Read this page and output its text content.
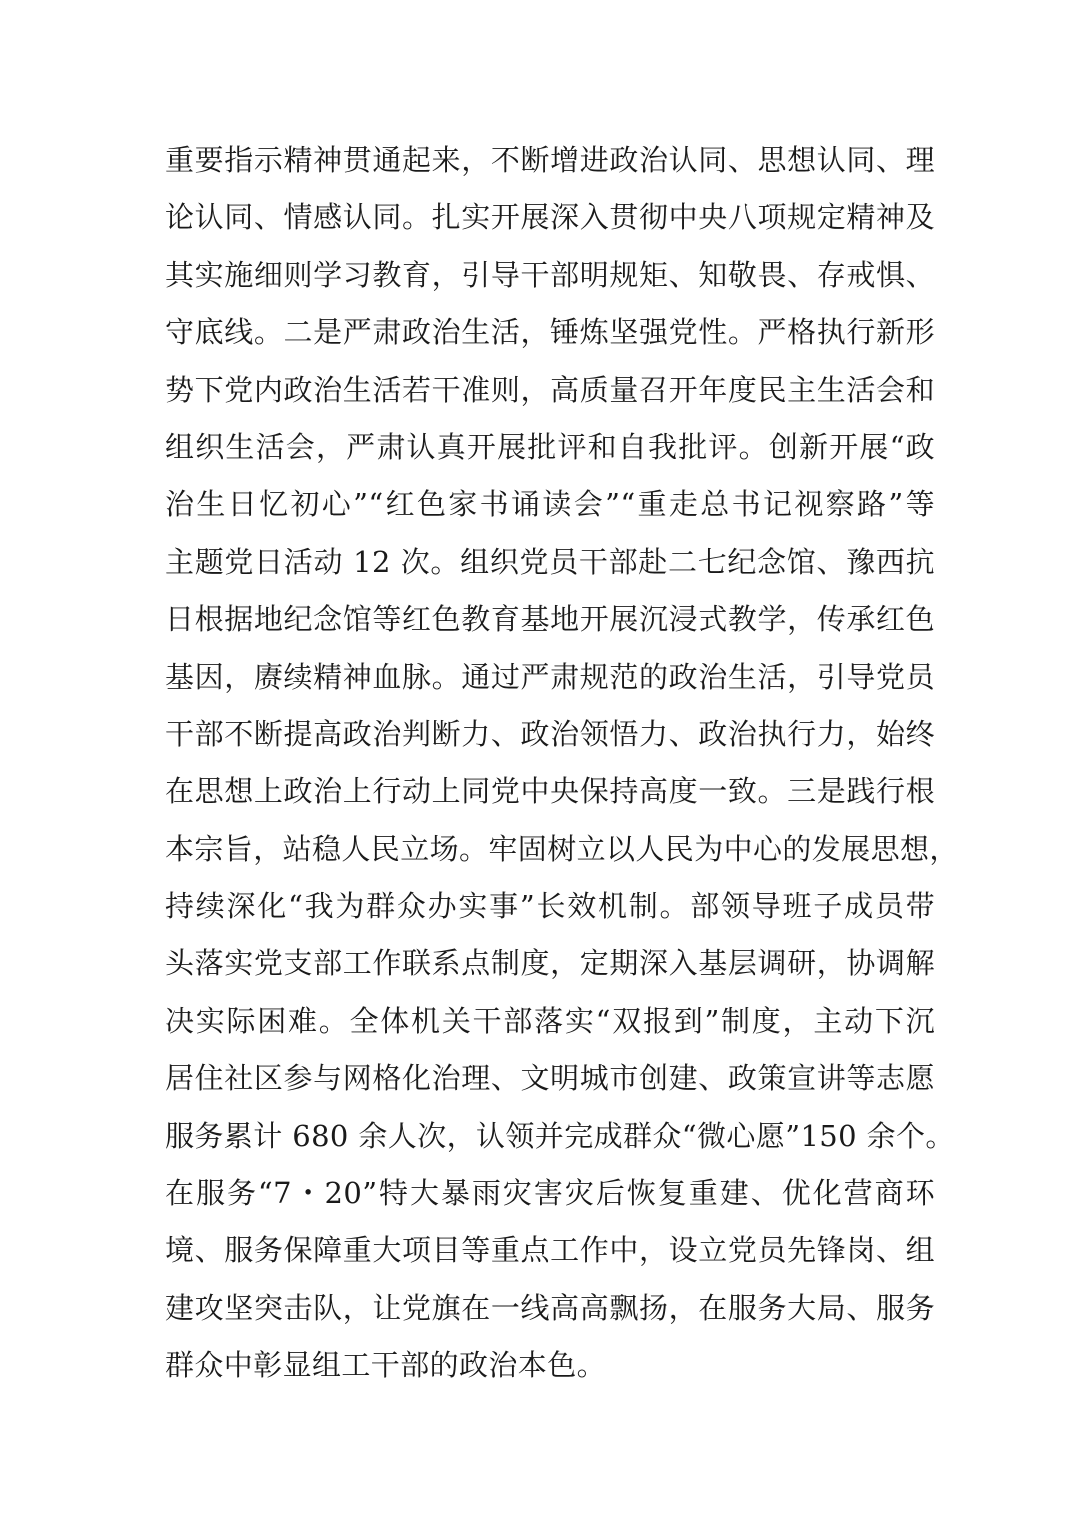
重要指示精神贯通起来，不断增进政治认同、思想认同、理
论认同、情感认同。扎实开展深入贯彻中央八项规定精神及
其实施细则学习教育，引导干部明规矩、知敬畏、存戒惧、
守底线。二是严肃政治生活，锤炼坚强党性。严格执行新形
势下党内政治生活若干准则，高质量召开年度民主生活会和
组织生活会，严肃认真开展批评和自我批评。创新开展“政
治生日忆初心”“红色家书诵读会”“重走总书记视察路”等
主题党日活动 12 次。组织党员干部赴二七纪念馆、豫西抗
日根据地纪念馆等红色教育基地开展沉浸式教学，传承红色
基因，赓续精神血脉。通过严肃规范的政治生活，引导党员
干部不断提高政治判断力、政治领悟力、政治执行力，始终
在思想上政治上行动上同党中央保持高度一致。三是践行根
本宗旨，站稳人民立场。牢固树立以人民为中心的发展思想，
持续深化“我为群众办实事”长效机制。部领导班子成员带
头落实党支部工作联系点制度，定期深入基层调研，协调解
决实际困难。全体机关干部落实“双报到”制度，主动下沉
居住社区参与网格化治理、文明城市创建、政策宣讲等志愿
服务累计 680 余人次，认领并完成群众“微心愿”150 余个。
在服务“7・20”特大暴雨灾害灾后恢复重建、优化营商环
境、服务保障重大项目等重点工作中，设立党员先锋岗、组
建攻坚突击队，让党旗在一线高高飘扬，在服务大局、服务
群众中彰显组工干部的政治本色。
